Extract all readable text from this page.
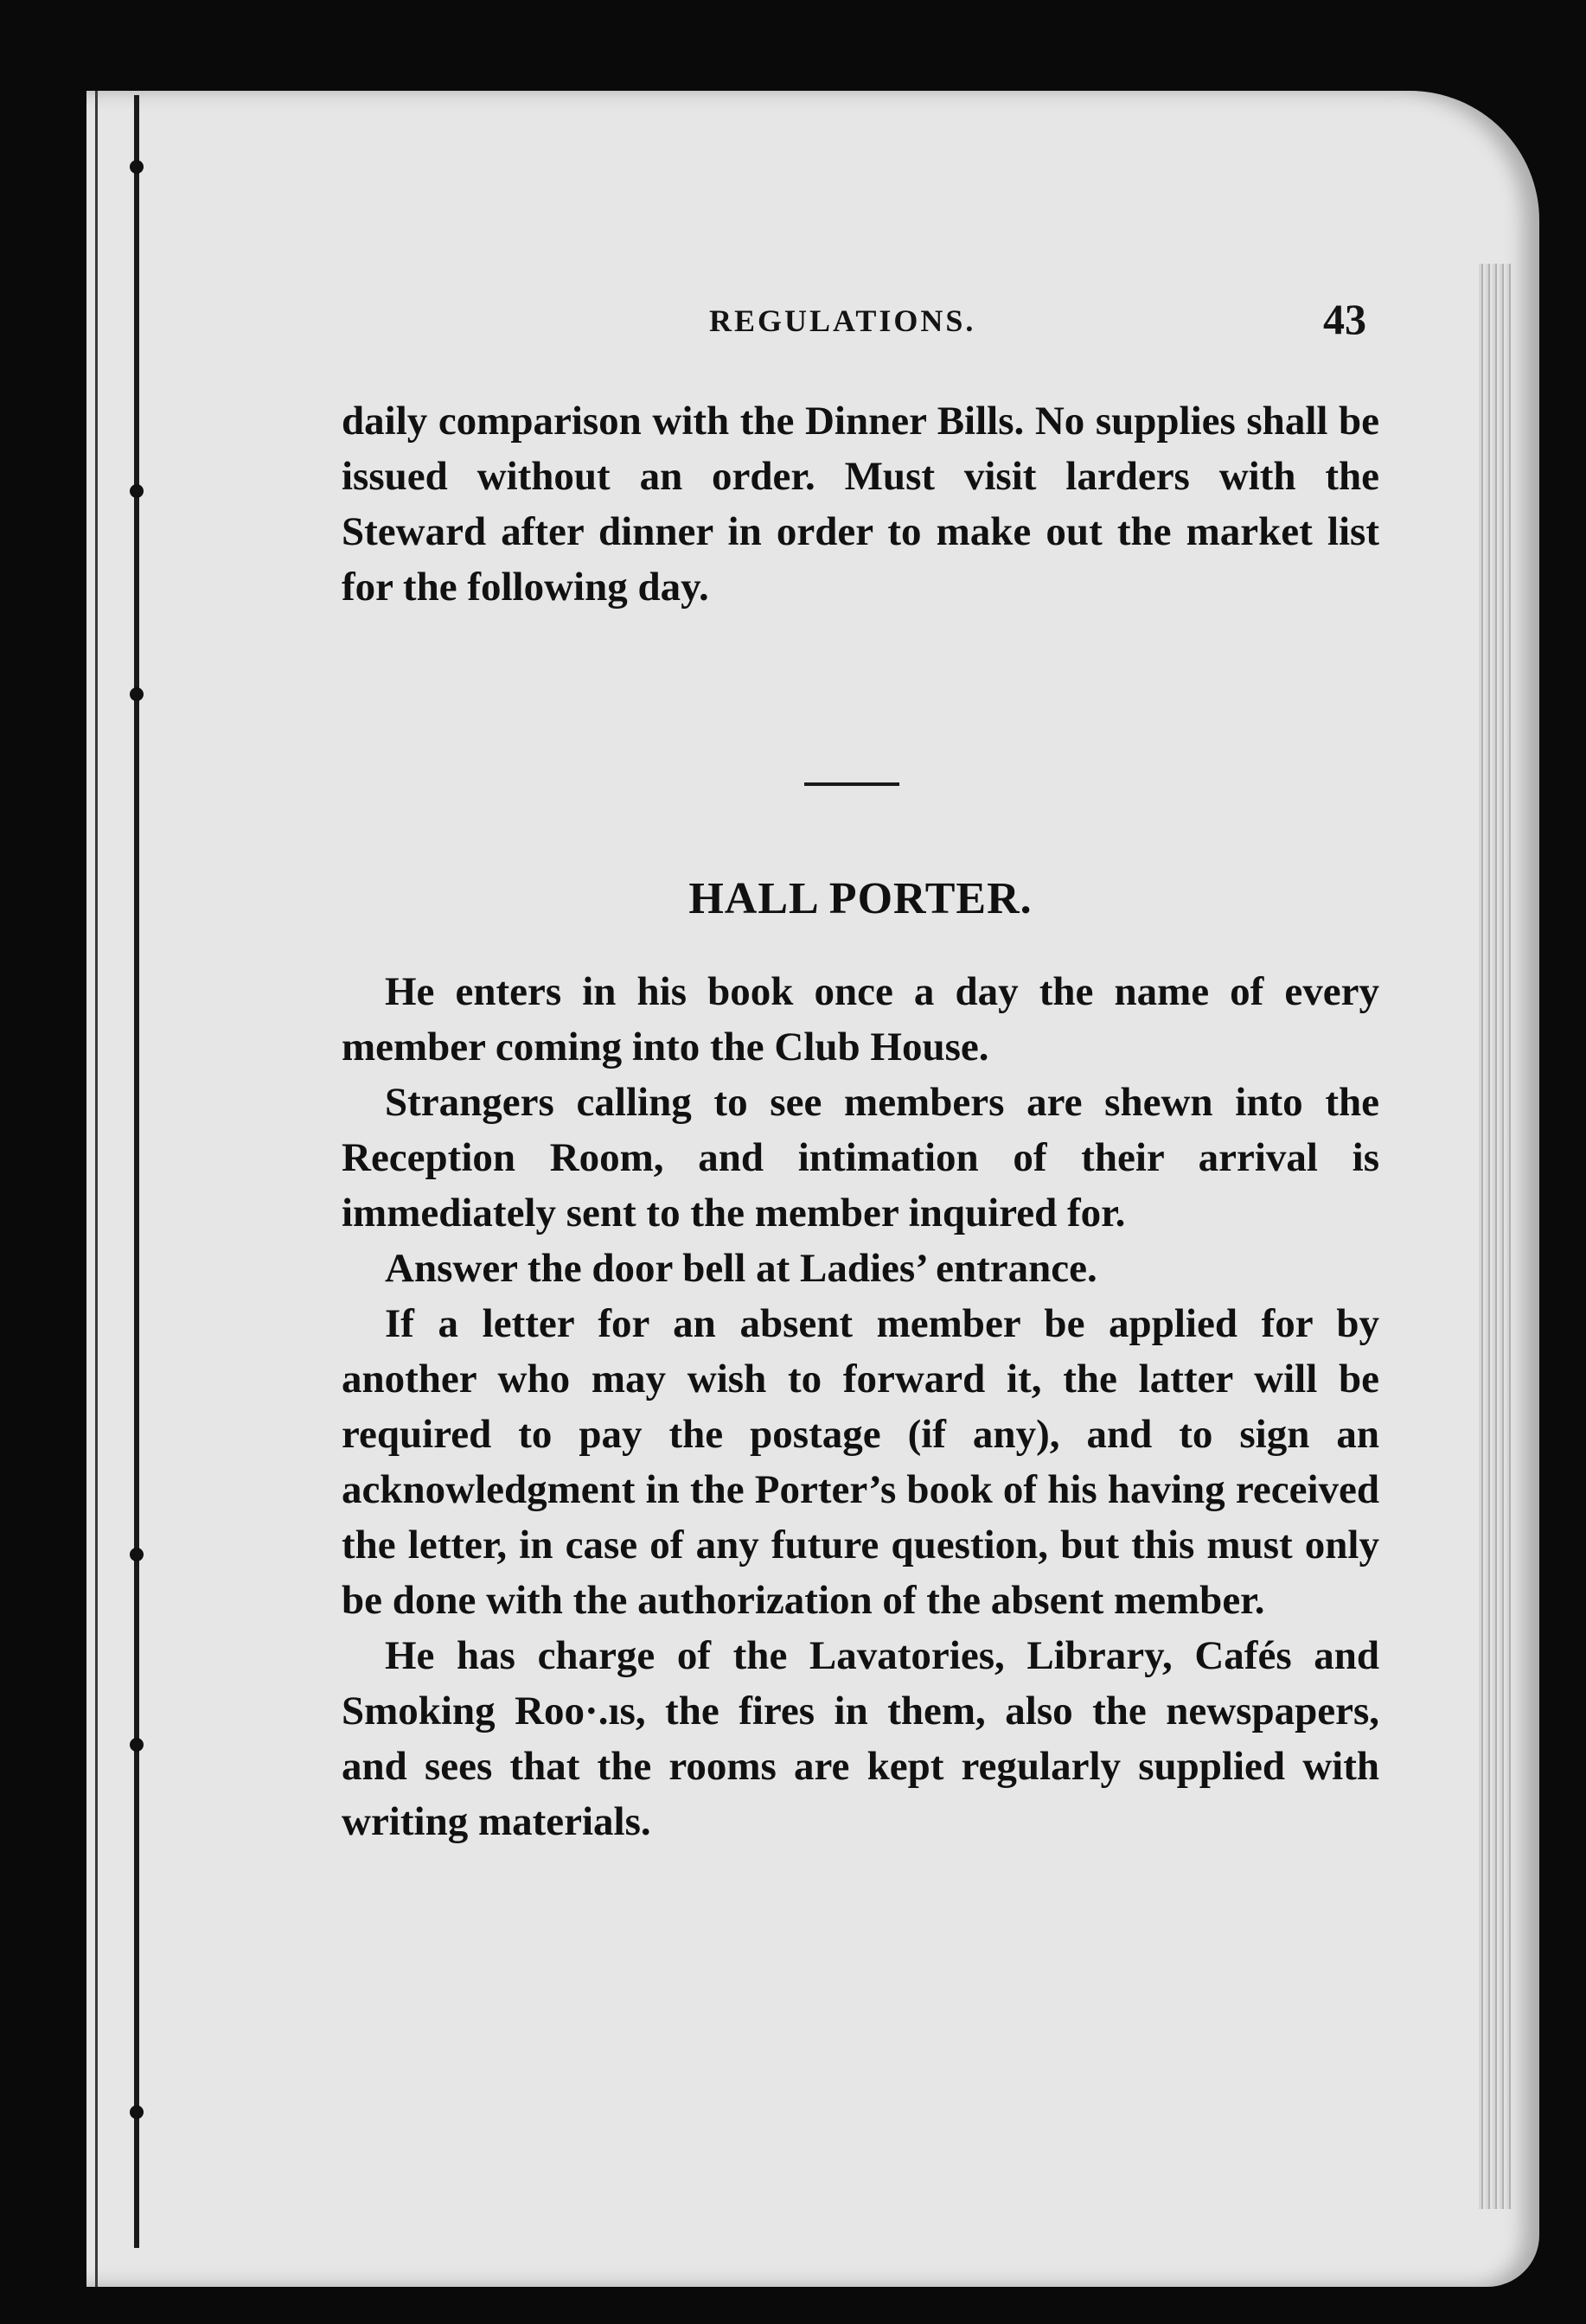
REGULATIONS.	43

daily comparison with the Dinner Bills. No supplies shall be issued without an order. Must visit larders with the Steward after dinner in order to make out the market list for the following day.

HALL PORTER.

He enters in his book once a day the name of every member coming into the Club House.

Strangers calling to see members are shewn into the Reception Room, and intimation of their arrival is immediately sent to the member inquired for.

Answer the door bell at Ladies’ entrance.

If a letter for an absent member be applied for by another who may wish to forward it, the latter will be required to pay the postage (if any), and to sign an acknowledgment in the Porter’s book of his having received the letter, in case of any future question, but this must only be done with the authorization of the absent member.

He has charge of the Lavatories, Library, Cafés and Smoking Roo·.ıs, the fires in them, also the newspapers, and sees that the rooms are kept regularly supplied with writing materials.
